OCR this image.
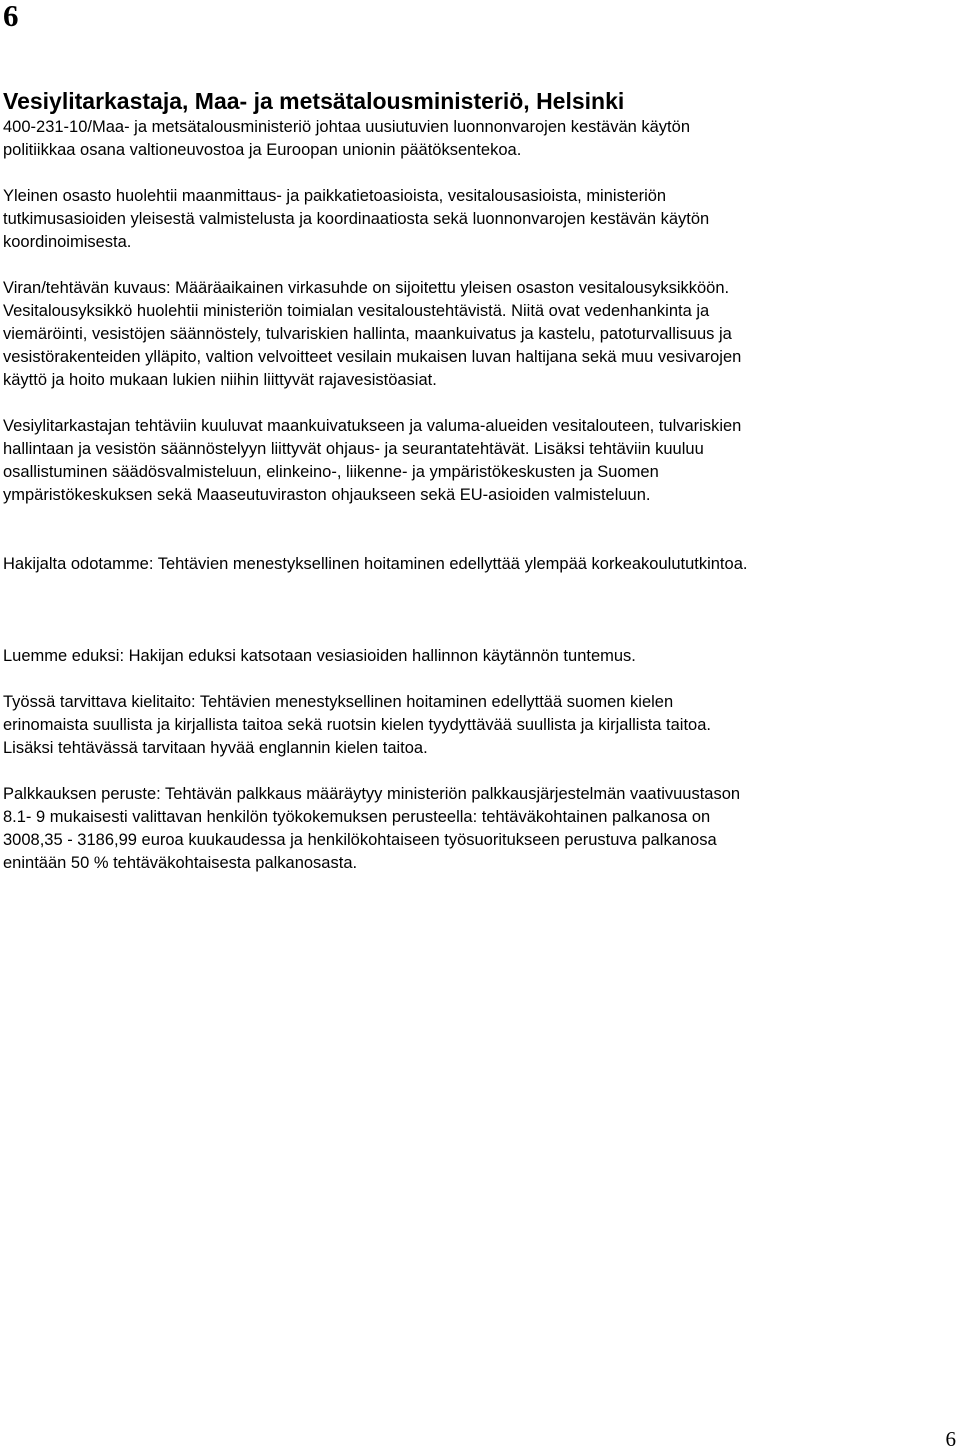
6
Vesiylitarkastaja, Maa- ja metsätalousministeriö, Helsinki

400-231-10/Maa- ja metsätalousministeriö johtaa uusiutuvien luonnonvarojen kestävän käytön
politiikkaa osana valtioneuvostoa ja Euroopan unionin päätöksentekoa.

Yleinen osasto huolehtii maanmittaus- ja paikkatietoasioista, vesitalousasioista, ministeriön
tutkimusasioiden yleisestä valmistelusta ja koordinaatiosta sekä luonnonvarojen kestävän käytön
koordinoimisesta.

Viran/tehtävän kuvaus: Määräaikainen virkasuhde on sijoitettu yleisen osaston vesitalousyksikköön.
Vesitalousyksikkö huolehtii ministeriön toimialan vesitaloustehtävistä. Niitä ovat vedenhankinta ja
viemäröinti, vesistöjen säännöstely, tulvariskien hallinta, maankuivatus ja kastelu, patoturvallisuus ja
vesistörakenteiden ylläpito, valtion velvoitteet vesilain mukaisen luvan haltijana sekä muu vesivarojen
käyttö ja hoito mukaan lukien niihin liittyvät rajavesistöasiat.

Vesiylitarkastajan tehtäviin kuuluvat maankuivatukseen ja valuma-alueiden vesitalouteen, tulvariskien
hallintaan ja vesistön säännöstelyyn liittyvät ohjaus- ja seurantatehtävät. Lisäksi tehtäviin kuuluu
osallistuminen säädösvalmisteluun, elinkeino-, liikenne- ja ympäristökeskusten ja Suomen
ympäristökeskuksen sekä Maaseutuviraston ohjaukseen sekä EU-asioiden valmisteluun.

Hakijalta odotamme: Tehtävien menestyksellinen hoitaminen edellyttää ylempää korkeakoulututkintoa.

Luemme eduksi: Hakijan eduksi katsotaan vesiasioiden hallinnon käytännön tuntemus.

Työssä tarvittava kielitaito: Tehtävien menestyksellinen hoitaminen edellyttää suomen kielen
erinomaista suullista ja kirjallista taitoa sekä ruotsin kielen tyydyttävää suullista ja kirjallista taitoa.
Lisäksi tehtävässä tarvitaan hyvää englannin kielen taitoa.

Palkkauksen peruste: Tehtävän palkkaus määräytyy ministeriön palkkausjärjestelmän vaativuustason
8.1- 9 mukaisesti valittavan henkilön työkokemuksen perusteella: tehtäväkohtainen palkanosa on
3008,35 - 3186,99 euroa kuukaudessa ja henkilökohtaiseen työsuoritukseen perustuva palkanosa
enintään 50 % tehtäväkohtaisesta palkanosasta.

6
